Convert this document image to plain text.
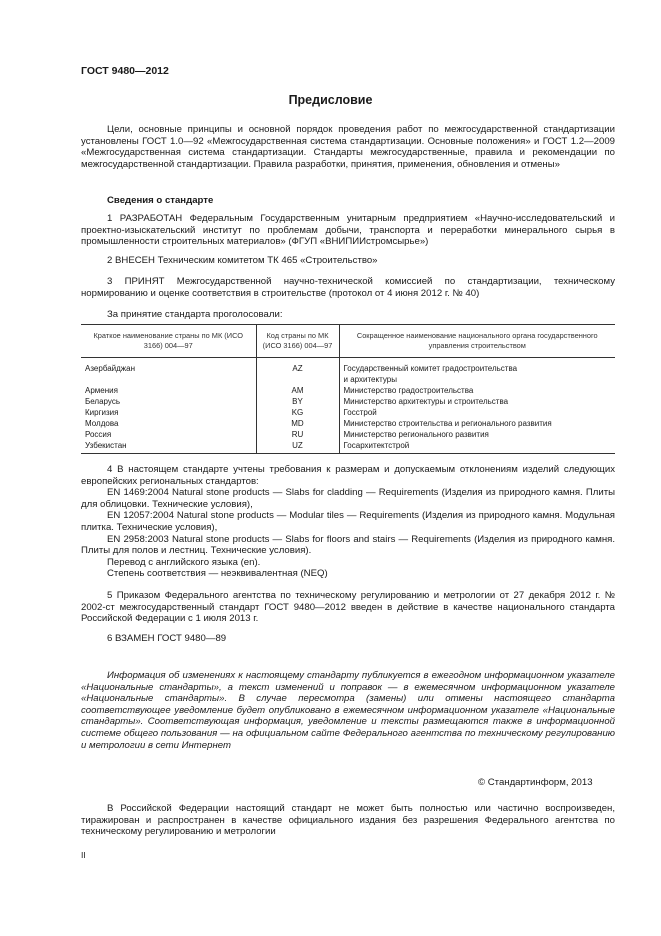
ГОСТ 9480—2012
Предисловие

Цели, основные принципы и основной порядок проведения работ по межгосударственной стандартизации установлены ГОСТ 1.0—92 «Межгосударственная система стандартизации. Основные положения» и ГОСТ 1.2—2009 «Межгосударственная система стандартизации. Стандарты межгосударственные, правила и рекомендации по межгосударственной стандартизации. Правила разработки, принятия, применения, обновления и отмены»

Сведения о стандарте

1 РАЗРАБОТАН Федеральным Государственным унитарным предприятием «Научно-исследовательский и проектно-изыскательский институт по проблемам добычи, транспорта и переработки минерального сырья в промышленности строительных материалов» (ФГУП «ВНИПИИстромсырье»)

2 ВНЕСЕН Техническим комитетом ТК 465 «Строительство»

3 ПРИНЯТ Межгосударственной научно-технической комиссией по стандартизации, техническому нормированию и оценке соответствия в строительстве (протокол от 4 июня 2012 г. № 40)

За принятие стандарта проголосовали:

Краткое наименование страны по МК (ИСО 3166) 004—97	Код страны по МК (ИСО 3166) 004—97	Сокращенное наименование национального органа государственного управления строительством
Азербайджан	AZ	Государственный комитет градостроительства
и архитектуры

Армения	AM	Министерство градостроительства
Беларусь	BY	Министерство архитектуры и строительства
Киргизия	KG	Госстрой
Молдова	MD	Министерство строительства и регионального развития
Россия	RU	Министерство регионального развития
Узбекистан	UZ	Госархитектстрой

4 В настоящем стандарте учтены требования к размерам и допускаемым отклонениям изделий следующих европейских региональных стандартов:

EN 1469:2004 Natural stone products — Slabs for cladding — Requirements (Изделия из природного камня. Плиты для облицовки. Технические условия),

EN 12057:2004 Natural stone products — Modular tiles — Requirements (Изделия из природного камня. Модульная плитка. Технические условия),

EN 2958:2003 Natural stone products — Slabs for floors and stairs — Requirements (Изделия из природного камня. Плиты для полов и лестниц. Технические условия).

Перевод с английского языка (en).

Степень соответствия — неэквивалентная (NEQ)

5 Приказом Федерального агентства по техническому регулированию и метрологии от 27 декабря 2012 г. № 2002-ст межгосударственный стандарт ГОСТ 9480—2012 введен в действие в качестве национального стандарта Российской Федерации с 1 июля 2013 г.

6 ВЗАМЕН ГОСТ 9480—89

Информация об изменениях к настоящему стандарту публикуется в ежегодном информационном указателе «Национальные стандарты», а текст изменений и поправок — в ежемесячном информационном указателе «Национальные стандарты». В случае пересмотра (замены) или отмены настоящего стандарта соответствующее уведомление будет опубликовано в ежемесячном информационном указателе «Национальные стандарты». Соответствующая информация, уведомление и тексты размещаются также в информационной системе общего пользования — на официальном сайте Федерального агентства по техническому регулированию и метрологии в сети Интернет

© Стандартинформ, 2013

В Российской Федерации настоящий стандарт не может быть полностью или частично воспроизведен, тиражирован и распространен в качестве официального издания без разрешения Федерального агентства по техническому регулированию и метрологии

II
